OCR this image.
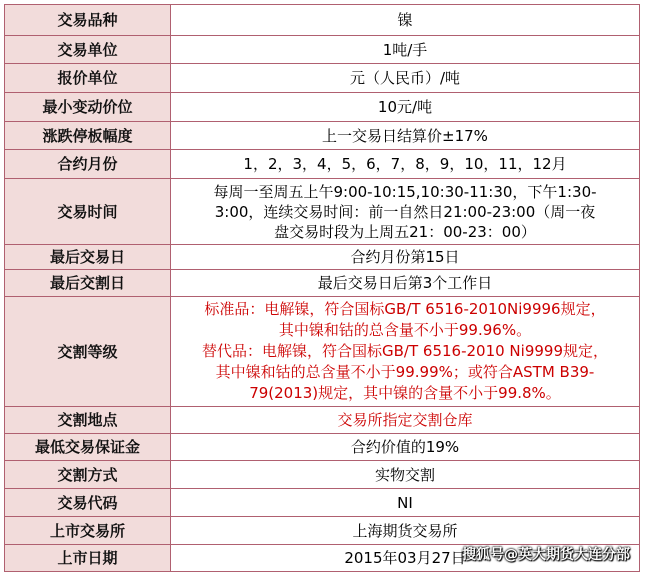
交易品种	镍
交易单位	1吨/手
报价单位	元（人民币）/吨
最小变动价位	10元/吨
涨跌停板幅度	上一交易日结算价±17%
合约月份	1，2，3，4，5，6，7，8，9，10，11，12月
交易时间	每周一至周五上午9:00-10:15,10:30-11:30，下午1:30-
3:00，连续交易时间：前一自然日21:00-23:00（周一夜
盘交易时段为上周五21：00-23：00）

最后交易日	合约月份第15日
最后交割日	最后交易日后第3个工作日
交割等级	标准品：电解镍，符合国标GB/T 6516-2010Ni9996规定，
其中镍和钴的总含量不小于99.96%。
替代品：电解镍，符合国标GB/T 6516-2010 Ni9999规定，
其中镍和钴的总含量不小于99.99%；或符合ASTM B39-
79(2013)规定，其中镍的含量不小于99.8%。

交割地点	交易所指定交割仓库
最低交易保证金	合约价值的19%
交割方式	实物交割
交易代码	NI
上市交易所	上海期货交易所
上市日期	2015年03月27日
搜狐号@英大期货大连分部
